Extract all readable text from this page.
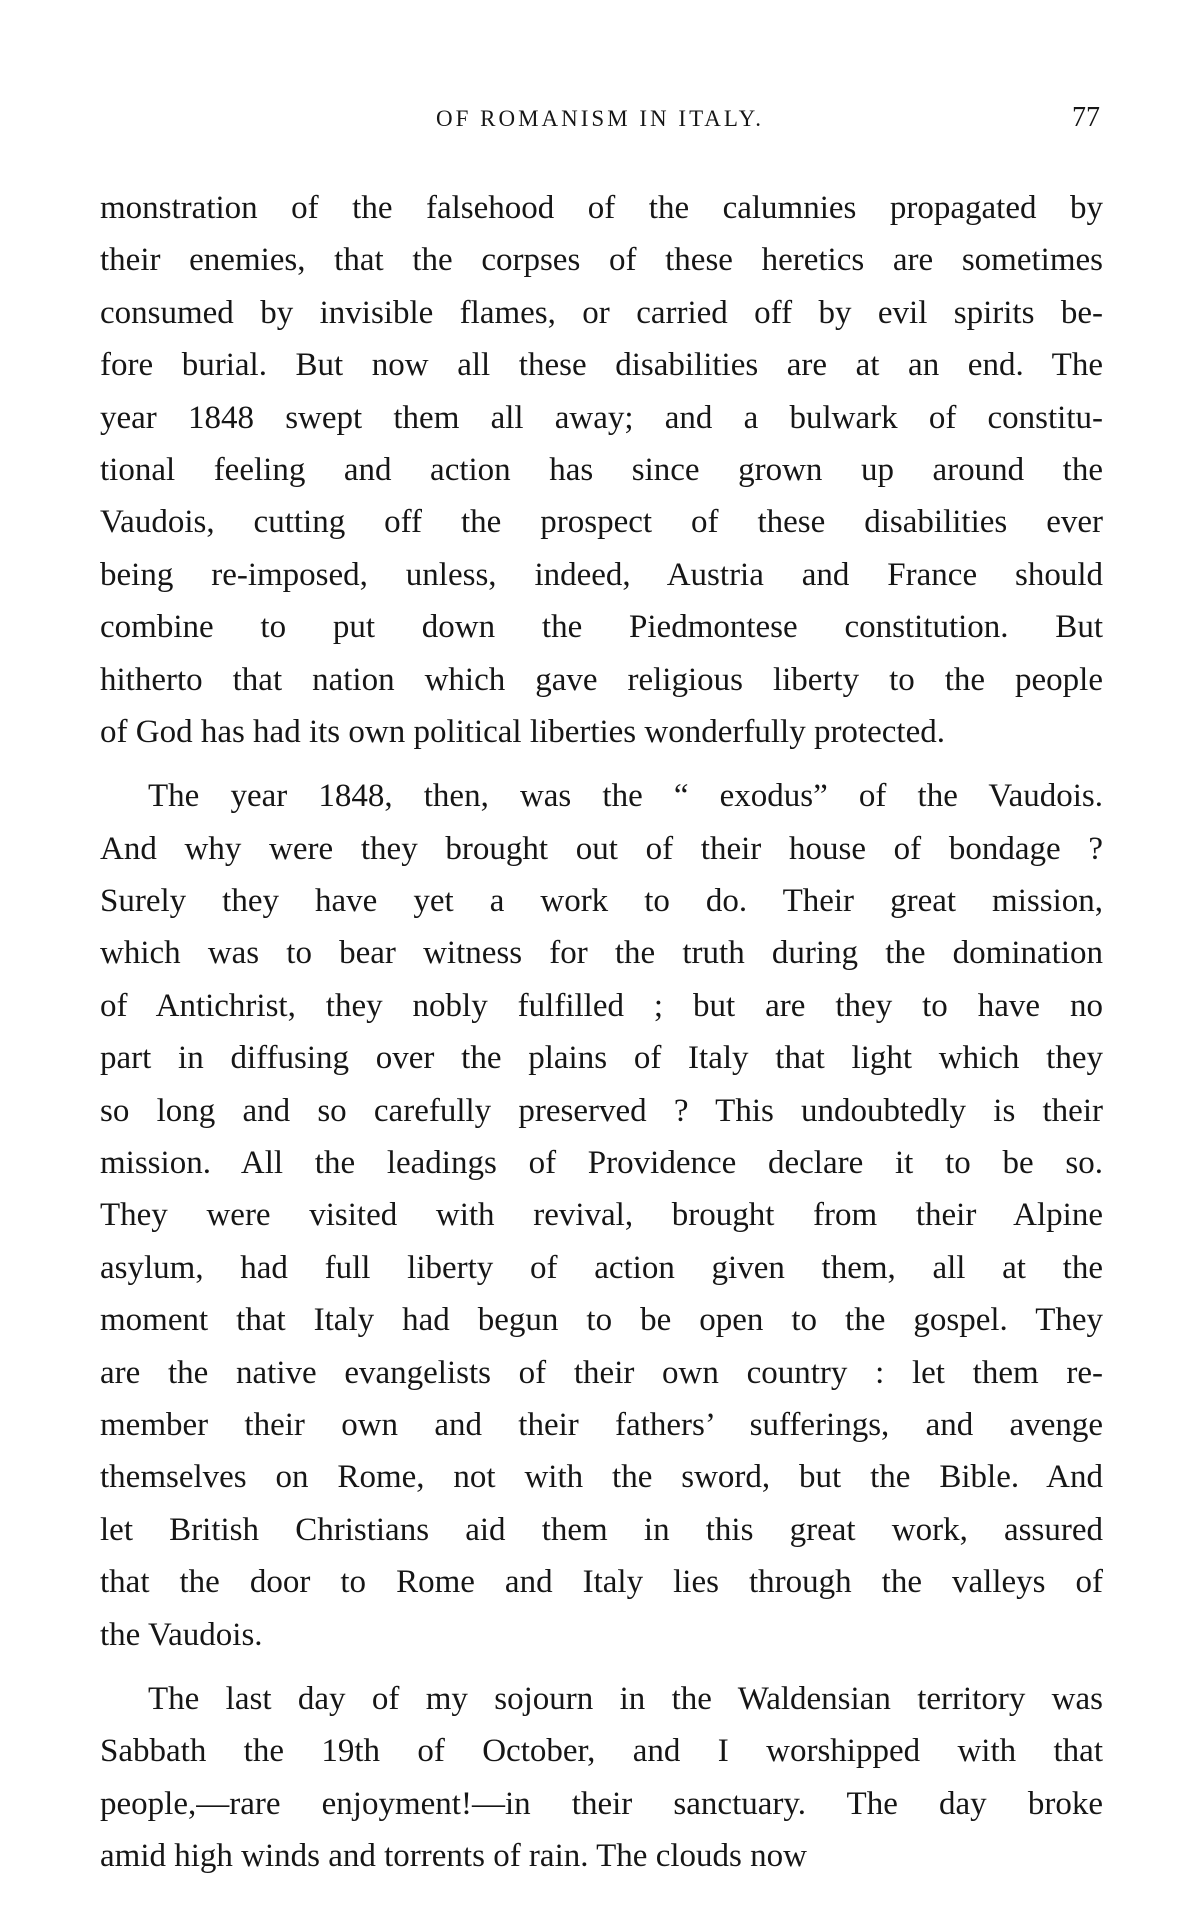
OF ROMANISM IN ITALY.	77
monstration of the falsehood of the calumnies propagated by
their enemies, that the corpses of these heretics are sometimes
consumed by invisible flames, or carried off by evil spirits be-
fore burial. But now all these disabilities are at an end. The
year 1848 swept them all away; and a bulwark of constitu-
tional feeling and action has since grown up around the
Vaudois, cutting off the prospect of these disabilities ever
being re-imposed, unless, indeed, Austria and France should
combine to put down the Piedmontese constitution. But
hitherto that nation which gave religious liberty to the people
of God has had its own political liberties wonderfully protected.
The year 1848, then, was the “ exodus” of the Vaudois.
And why were they brought out of their house of bondage ?
Surely they have yet a work to do. Their great mission,
which was to bear witness for the truth during the domination
of Antichrist, they nobly fulfilled ; but are they to have no
part in diffusing over the plains of Italy that light which they
so long and so carefully preserved ? This undoubtedly is their
mission. All the leadings of Providence declare it to be so.
They were visited with revival, brought from their Alpine
asylum, had full liberty of action given them, all at the
moment that Italy had begun to be open to the gospel. They
are the native evangelists of their own country : let them re-
member their own and their fathers’ sufferings, and avenge
themselves on Rome, not with the sword, but the Bible. And
let British Christians aid them in this great work, assured
that the door to Rome and Italy lies through the valleys of
the Vaudois.
The last day of my sojourn in the Waldensian territory was
Sabbath the 19th of October, and I worshipped with that
people,—rare enjoyment!—in their sanctuary. The day broke
amid high winds and torrents of rain. The clouds now
